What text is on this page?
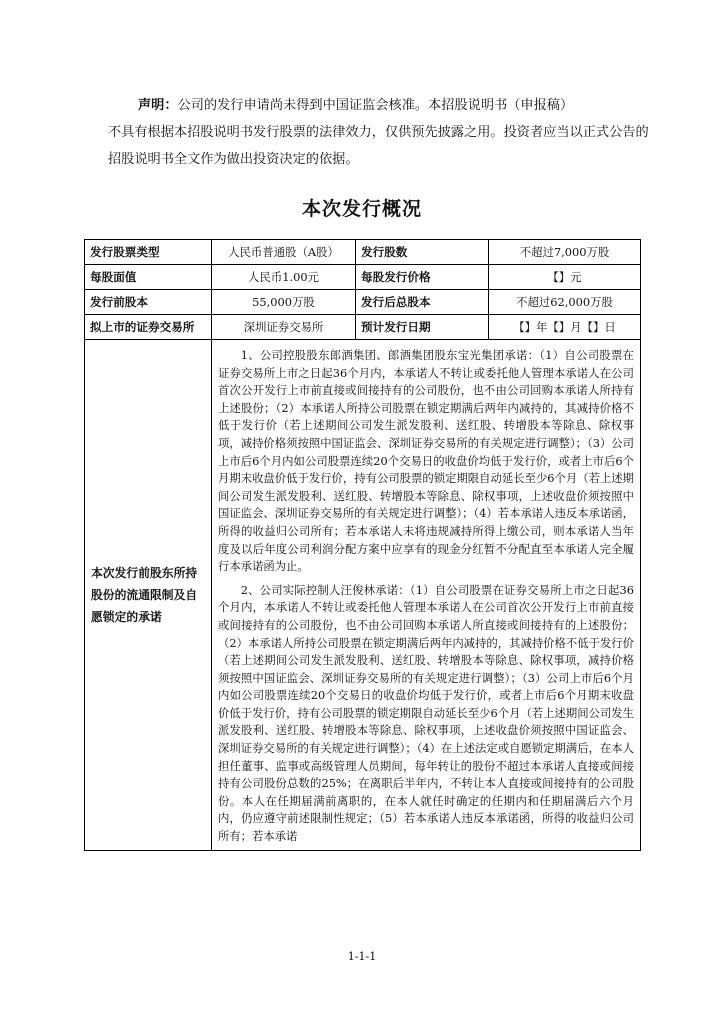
声明：公司的发行申请尚未得到中国证监会核准。本招股说明书（申报稿）

不具有根据本招股说明书发行股票的法律效力，仅供预先披露之用。投资者应当以正式公告的

招股说明书全文作为做出投资决定的依据。

本次发行概况
发行股票类型	人民币普通股（A股）	发行股数	不超过7,000万股
每股面值	人民币1.00元	每股发行价格	【】元
发行前股本	55,000万股	发行后总股本	不超过62,000万股
拟上市的证券交易所	深圳证券交易所	预计发行日期	【】年【】月【】日
本次发行前股东所持股份的流通限制及自愿锁定的承诺	1、公司控股股东郎酒集团、郎酒集团股东宝光集团承诺：（1）自公司股票在证券交易所上市之日起36个月内，本承诺人不转让或委托他人管理本承诺人在公司首次公开发行上市前直接或间接持有的公司股份，也不由公司回购本承诺人所持有上述股份；（2）本承诺人所持公司股票在锁定期满后两年内减持的，其减持价格不低于发行价（若上述期间公司发生派发股利、送红股、转增股本等除息、除权事项，减持价格须按照中国证监会、深圳证券交易所的有关规定进行调整）；（3）公司上市后6个月内如公司股票连续20个交易日的收盘价均低于发行价，或者上市后6个月期末收盘价低于发行价，持有公司股票的锁定期限自动延长至少6个月（若上述期间公司发生派发股利、送红股、转增股本等除息、除权事项，上述收盘价须按照中国证监会、深圳证券交易所的有关规定进行调整）；（4）若本承诺人违反本承诺函，所得的收益归公司所有；若本承诺人未将违规减持所得上缴公司，则本承诺人当年度及以后年度公司利润分配方案中应享有的现金分红暂不分配直至本承诺人完全履行本承诺函为止。

2、公司实际控制人汪俊林承诺：（1）自公司股票在证券交易所上市之日起36个月内，本承诺人不转让或委托他人管理本承诺人在公司首次公开发行上市前直接或间接持有的公司股份，也不由公司回购本承诺人所直接或间接持有的上述股份；（2）本承诺人所持公司股票在锁定期满后两年内减持的，其减持价格不低于发行价（若上述期间公司发生派发股利、送红股、转增股本等除息、除权事项，减持价格须按照中国证监会、深圳证券交易所的有关规定进行调整）；（3）公司上市后6个月内如公司股票连续20个交易日的收盘价均低于发行价，或者上市后6个月期末收盘价低于发行价，持有公司股票的锁定期限自动延长至少6个月（若上述期间公司发生派发股利、送红股、转增股本等除息、除权事项，上述收盘价须按照中国证监会、深圳证券交易所的有关规定进行调整）；（4）在上述法定或自愿锁定期满后，在本人担任董事、监事或高级管理人员期间，每年转让的股份不超过本承诺人直接或间接持有公司股份总数的25%；在离职后半年内，不转让本人直接或间接持有的公司股份。本人在任期届满前离职的，在本人就任时确定的任期内和任期届满后六个月内，仍应遵守前述限制性规定；（5）若本承诺人违反本承诺函，所得的收益归公司所有；若本承诺		

1-1-1
